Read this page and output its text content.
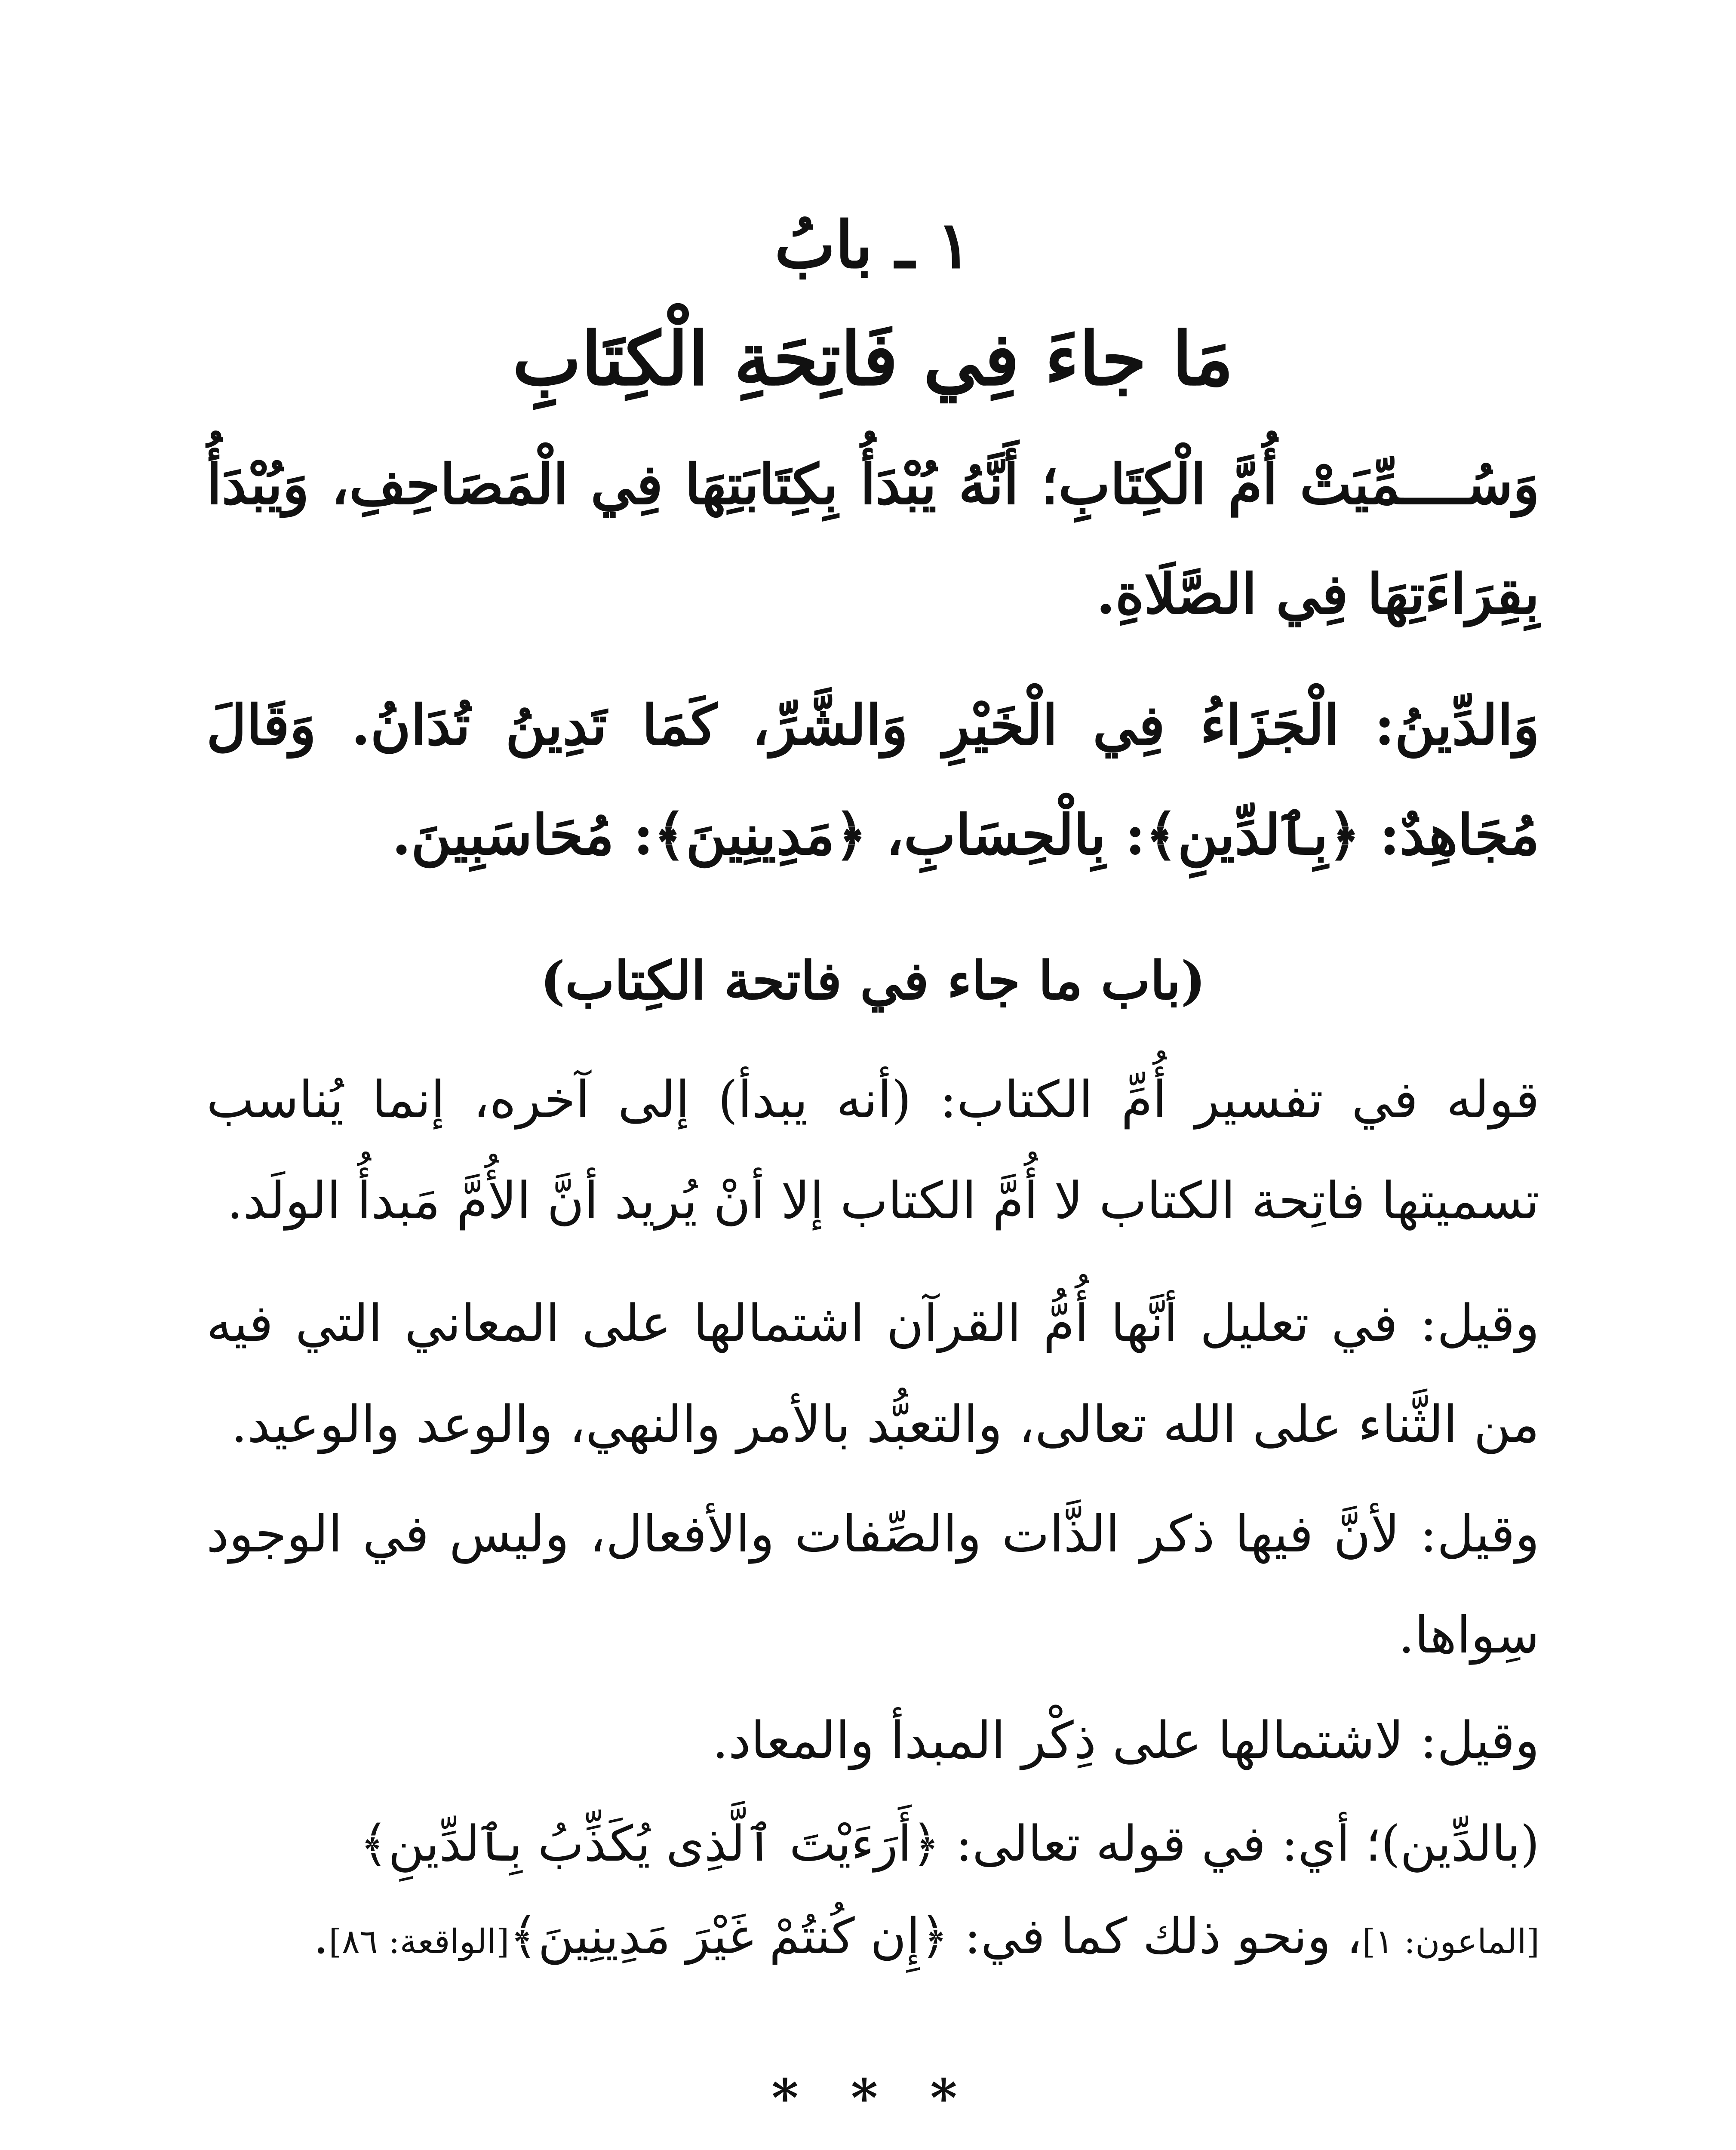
١ ـ بابُ
مَا جاءَ فِي فَاتِحَةِ الْكِتَابِ

وَسُــــمِّيَتْ أُمَّ الْكِتَابِ؛ أَنَّهُ يُبْدَأُ بِكِتَابَتِهَا فِي الْمَصَاحِفِ، وَيُبْدَأُ بِقِرَاءَتِهَا فِي الصَّلَاةِ.

وَالدِّينُ: الْجَزَاءُ فِي الْخَيْرِ وَالشَّرِّ، كَمَا تَدِينُ تُدَانُ. وَقَالَ مُجَاهِدٌ: ﴿بِٱلدِّينِ﴾: بِالْحِسَابِ، ﴿مَدِينِينَ﴾: مُحَاسَبِينَ.

(باب ما جاء في فاتحة الكِتاب)

قوله في تفسير أُمِّ الكتاب: (أنه يبدأ) إلى آخره، إنما يُناسب تسميتها فاتِحة الكتاب لا أُمَّ الكتاب إلا أنْ يُريد أنَّ الأُمَّ مَبدأُ الولَد.

وقيل: في تعليل أنَّها أُمُّ القرآن اشتمالها على المعاني التي فيه من الثَّناء على الله تعالى، والتعبُّد بالأمر والنهي، والوعد والوعيد.

وقيل: لأنَّ فيها ذكر الذَّات والصِّفات والأفعال، وليس في الوجود سِواها.

وقيل: لاشتمالها على ذِكْر المبدأ والمعاد.

(بالدِّين)؛ أي: في قوله تعالى: ﴿أَرَءَيْتَ ٱلَّذِى يُكَذِّبُ بِٱلدِّينِ﴾
[الماعون: ١]، ونحو ذلك كما في: ﴿إِن كُنتُمْ غَيْرَ مَدِينِينَ﴾[الواقعة: ٨٦].

* * *
